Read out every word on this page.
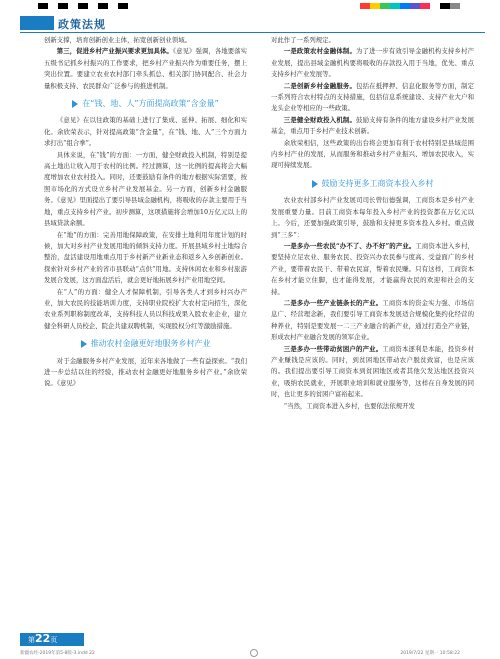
政策法规

创新支撑，培育创新创业主体，拓宽创新创业领域。

第三，促进乡村产业振兴要求更加具体。《意见》强调，各地要落实五级书记抓乡村振兴的工作要求，把乡村产业振兴作为重要任务，摆上突出位置。要建立农业农村部门牵头抓总、相关部门协同配合、社会力量积极支持、农民群众广泛参与的推进机制。

在“钱、地、人”方面提高政策“含金量”

《意见》在以往政策的基础上进行了集成、延伸、拓展、细化和实化。余欣荣表示，针对提高政策“含金量”，在“钱、地、人”三个方面力求打出“组合拳”。

具体来说，在“钱”的方面：一方面，健全财政投入机制，特别是提高土地出让收入用于农村的比例。经过测算，这一比例的提高将会大幅度增加农业农村投入。同时，还要鼓励有条件的地方根据实际需要，按照市场化的方式设立乡村产业发展基金。另一方面，创新乡村金融服务。《意见》里面提出了要引导县域金融机构，将吸收的存款主要用于当地，重点支持乡村产业。初步测算，这项措施将会增加10万亿元以上的县域贷款余额。

在“地”的方面：完善用地保障政策，在安排土地利用年度计划的时候，加大对乡村产业发展用地的倾斜支持力度。开展县域乡村土地综合整治，盘活建设用地重点用于乡村新产业新业态和返乡入乡创新创业。探索针对乡村产业的省市县联动“点供”用地。支持休闲农业和乡村旅游发展合发展，这方面盘活后，就会更好地拓展乡村产业用地空间。

在“人”的方面：健全人才保障机制，引导各类人才到乡村兴办产业，加大农民的技能培训力度，支持职业院校扩大农村定向招生，深化农业系列职称制度改革，支持科技人员以科技成果入股农业企业，建立健全科研人员校企、院企共建双聘机制，实现股权分红等激励措施。

推动农村金融更好地服务乡村产业

对于金融服务乡村产业发展，近年来各地做了一些有益探索。“我们进一步总结以往的经验，推动农村金融更好地服务乡村产业。”余欣荣说。《意见》

对此作了一系列规定。

一是政策农村金融体制。为了进一步有效引导金融机构支持乡村产业发展，提出县域金融机构要将吸收的存款投入用于当地，优先、重点支持乡村产业发展等。

二是创新乡村金融服务。包括在抵押押、信息化服务等方面，制定一系列符合农村特点的支持措施，包括信息系统建设、支持产业大户和龙头企业等相应的一些政策。

三是健全财政投入机制。鼓励支持有条件的地方建设乡村产业发展基金，重点用于乡村产业技术创新。

余欣荣相信，这些政策的出台将会更加有利于农村特别是县域范围内乡村产业的发展，从而服务和推动乡村产业振兴、增加农民收入，实现可持续发展。

鼓励支持更多工商资本投入乡村

农业农村部乡村产业发展司司长曾衍德强调，工商资本是乡村产业发展重要力量。目前工商资本每年投入乡村产业的投资都在万亿元以上。今后，还要加强政策引导，鼓励和支持更多资本投入乡村。重点做到“三多”：

一是多办一些农民“办不了、办不好”的产业。工商资本进入乡村，要坚持立足农业、服务农民、投资兴办农民参与度高、受益面广的乡村产业，要带着农民干、带着农民富，帮着农民赚。只有这样，工商资本在乡村才能立住脚，也才能得发展，才能赢得农民的欢迎和社会的支持。

二是多办一些产业链条长的产业。工商资本的资金实力强、市场信息广、经营理念新，我们要引导工商资本发展适合规模化集约化经营的种养业，特别是要发展一二三产业融合的新产业，通过打造全产业链，形成农村产业融合发展的领军企业。

三是多办一些带动贫困户的产业。工商资本逐利是本能，投资乡村产业赚钱是应该的。同时，到贫困地区带动农户脱贫致富，也是应该的。我们提出要引导工商资本到贫困地区或者其他欠发达地区投资兴业，吸纳农民就业，开展职业培训和就业服务等，这样在自身发展的同时，也让更多的贫困户富裕起来。

“当然，工商资本进入乡村，也要依法依规开发

第22页
新疆农经-2019年第5-8版-3.indd 22	2019/7/22 星期一 10:58:22
